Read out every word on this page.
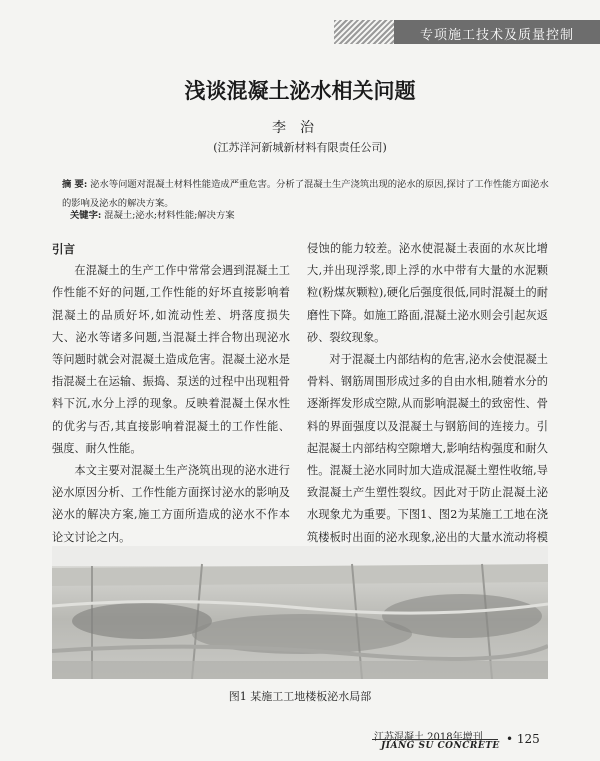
专项施工技术及质量控制
浅谈混凝土泌水相关问题
李治
(江苏洋河新城新材料有限责任公司)
摘 要: 泌水等问题对混凝土材料性能造成严重危害。分析了混凝土生产浇筑出现的泌水的原因,探讨了工作性能方面泌水的影响及泌水的解决方案。
关键字: 混凝土;泌水;材料性能;解决方案
引言

在混凝土的生产工作中常常会遇到混凝土工作性能不好的问题,工作性能的好坏直接影响着混凝土的品质好坏,如流动性差、坍落度损失大、泌水等诸多问题,当混凝土拌合物出现泌水等问题时就会对混凝土造成危害。混凝土泌水是指混凝土在运输、振捣、泵送的过程中出现粗骨料下沉,水分上浮的现象。反映着混凝土保水性的优劣与否,其直接影响着混凝土的工作性能、强度、耐久性能。

本文主要对混凝土生产浇筑出现的泌水进行泌水原因分析、工作性能方面探讨泌水的影响及泌水的解决方案,施工方面所造成的泌水不作本论文讨论之内。

侵蚀的能力较差。泌水使混凝土表面的水灰比增大,并出现浮浆,即上浮的水中带有大量的水泥颗粒(粉煤灰颗粒),硬化后强度很低,同时混凝土的耐磨性下降。如施工路面,混凝土泌水则会引起灰返砂、裂纹现象。

对于混凝土内部结构的危害,泌水会使混凝土骨料、钢筋周围形成过多的自由水相,随着水分的逐渐挥发形成空隙,从而影响混凝土的致密性、骨料的界面强度以及混凝土与钢筋间的连接力。引起混凝土内部结构空隙增大,影响结构强度和耐久性。混凝土泌水同时加大造成混凝土塑性收缩,导致混凝土产生塑性裂纹。因此对于防止混凝土泌水现象尤为重要。下图1、图2为某施工工地在浇筑楼板时出面的泌水现象,泌出的大量水流动将模

图1 某施工工地楼板泌水局部
江苏混凝土 2018年增刊
JIANG SU CONCRETE • 125
